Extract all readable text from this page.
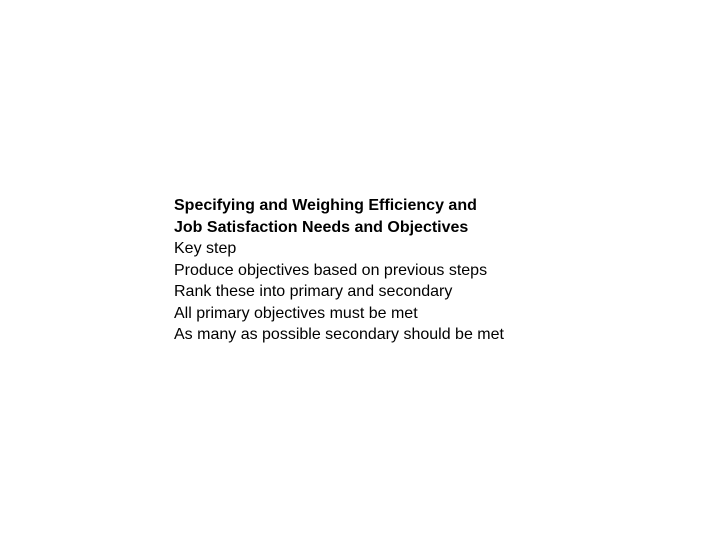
Specifying and Weighing Efficiency and
Job Satisfaction Needs and Objectives
Key step
Produce objectives based on previous steps
Rank these into primary and secondary
All primary objectives must be met
As many as possible secondary should be met
